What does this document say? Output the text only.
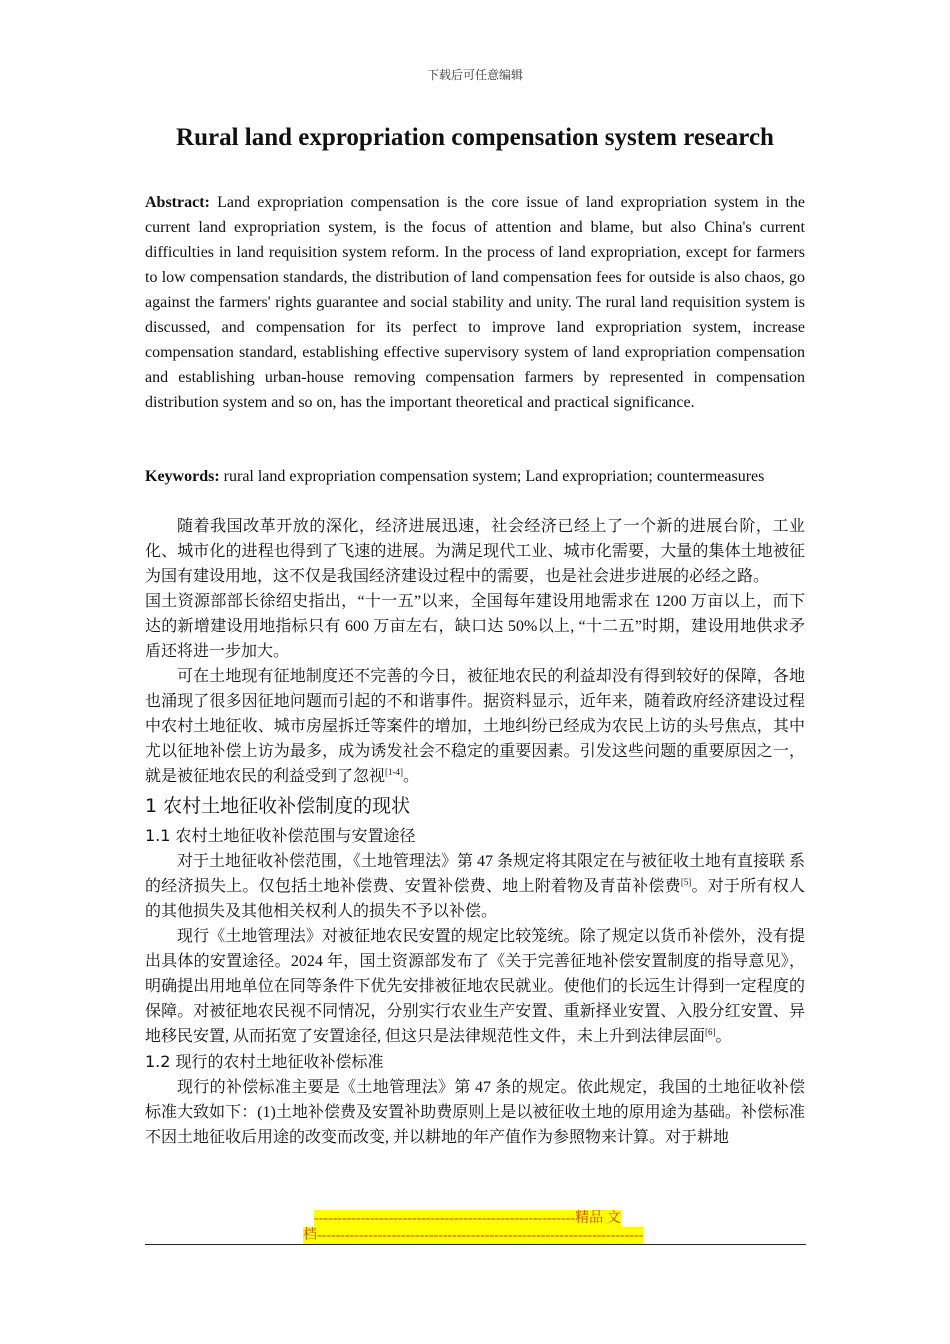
下载后可任意编辑
Rural land expropriation compensation system research
Abstract: Land expropriation compensation is the core issue of land expropriation system in the current land expropriation system, is the focus of attention and blame, but also China's current difficulties in land requisition system reform. In the process of land expropriation, except for farmers to low compensation standards, the distribution of land compensation fees for outside is also chaos, go against the farmers' rights guarantee and social stability and unity. The rural land requisition system is discussed, and compensation for its perfect to improve land expropriation system, increase compensation standard, establishing effective supervisory system of land expropriation compensation and establishing urban-house removing compensation farmers by represented in compensation distribution system and so on, has the important theoretical and practical significance.
Keywords: rural land expropriation compensation system; Land expropriation; countermeasures

随着我国改革开放的深化，经济进展迅速，社会经济已经上了一个新的进展台阶，工业化、城市化的进程也得到了飞速的进展。为满足现代工业、城市化需要，大量的集体土地被征为国有建设用地，这不仅是我国经济建设过程中的需要，也是社会进步进展的必经之路。

国土资源部部长徐绍史指出，“十一五”以来，全国每年建设用地需求在 1200 万亩以上，而下达的新增建设用地指标只有 600 万亩左右，缺口达 50%以上, “十二五”时期，建设用地供求矛盾还将进一步加大。

可在土地现有征地制度还不完善的今日，被征地农民的利益却没有得到较好的保障，各地也涌现了很多因征地问题而引起的不和谐事件。据资料显示，近年来，随着政府经济建设过程中农村土地征收、城市房屋拆迁等案件的增加，土地纠纷已经成为农民上访的头号焦点，其中尤以征地补偿上访为最多，成为诱发社会不稳定的重要因素。引发这些问题的重要原因之一，就是被征地农民的利益受到了忽视[1-4]。

1 农村土地征收补偿制度的现状

1.1 农村土地征收补偿范围与安置途径

对于土地征收补偿范围，《土地管理法》第 47 条规定将其限定在与被征收土地有直接联 系的经济损失上。仅包括土地补偿费、安置补偿费、地上附着物及青苗补偿费[5]。对于所有权人的其他损失及其他相关权利人的损失不予以补偿。

现行《土地管理法》对被征地农民安置的规定比较笼统。除了规定以货币补偿外，没有提出具体的安置途径。2024 年，国土资源部发布了《关于完善征地补偿安置制度的指导意见》，明确提出用地单位在同等条件下优先安排被征地农民就业。使他们的长远生计得到一定程度的保障。对被征地农民视不同情况，分别实行农业生产安置、重新择业安置、入股分红安置、异地移民安置, 从而拓宽了安置途径, 但这只是法律规范性文件，未上升到法律层面[6]。

1.2 现行的农村土地征收补偿标准

现行的补偿标准主要是《土地管理法》第 47 条的规定。依此规定，我国的土地征收补偿标准大致如下：(1)土地补偿费及安置补助费原则上是以被征收土地的原用途为基础。补偿标准不因土地征收后用途的改变而改变, 并以耕地的年产值作为参照物来计算。对于耕地

--------------------------------------------------------精品 文
档----------------------------------------------------------------------
